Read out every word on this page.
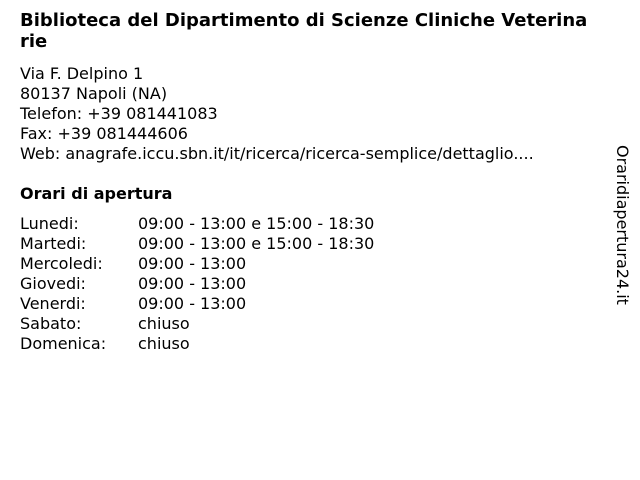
Biblioteca del Dipartimento di Scienze Cliniche Veterinarie
Via F. Delpino 1
80137 Napoli (NA)
Telefon: +39 081441083
Fax: +39 081444606
Web: anagrafe.iccu.sbn.it/it/ricerca/ricerca-semplice/dettaglio....
Orari di apertura
Lunedi:	09:00 - 13:00 e 15:00 - 18:30
Martedi:	09:00 - 13:00 e 15:00 - 18:30
Mercoledi:	09:00 - 13:00
Giovedi:	09:00 - 13:00
Venerdi:	09:00 - 13:00
Sabato:	chiuso
Domenica:	chiuso
Oraridiapertura24.it
